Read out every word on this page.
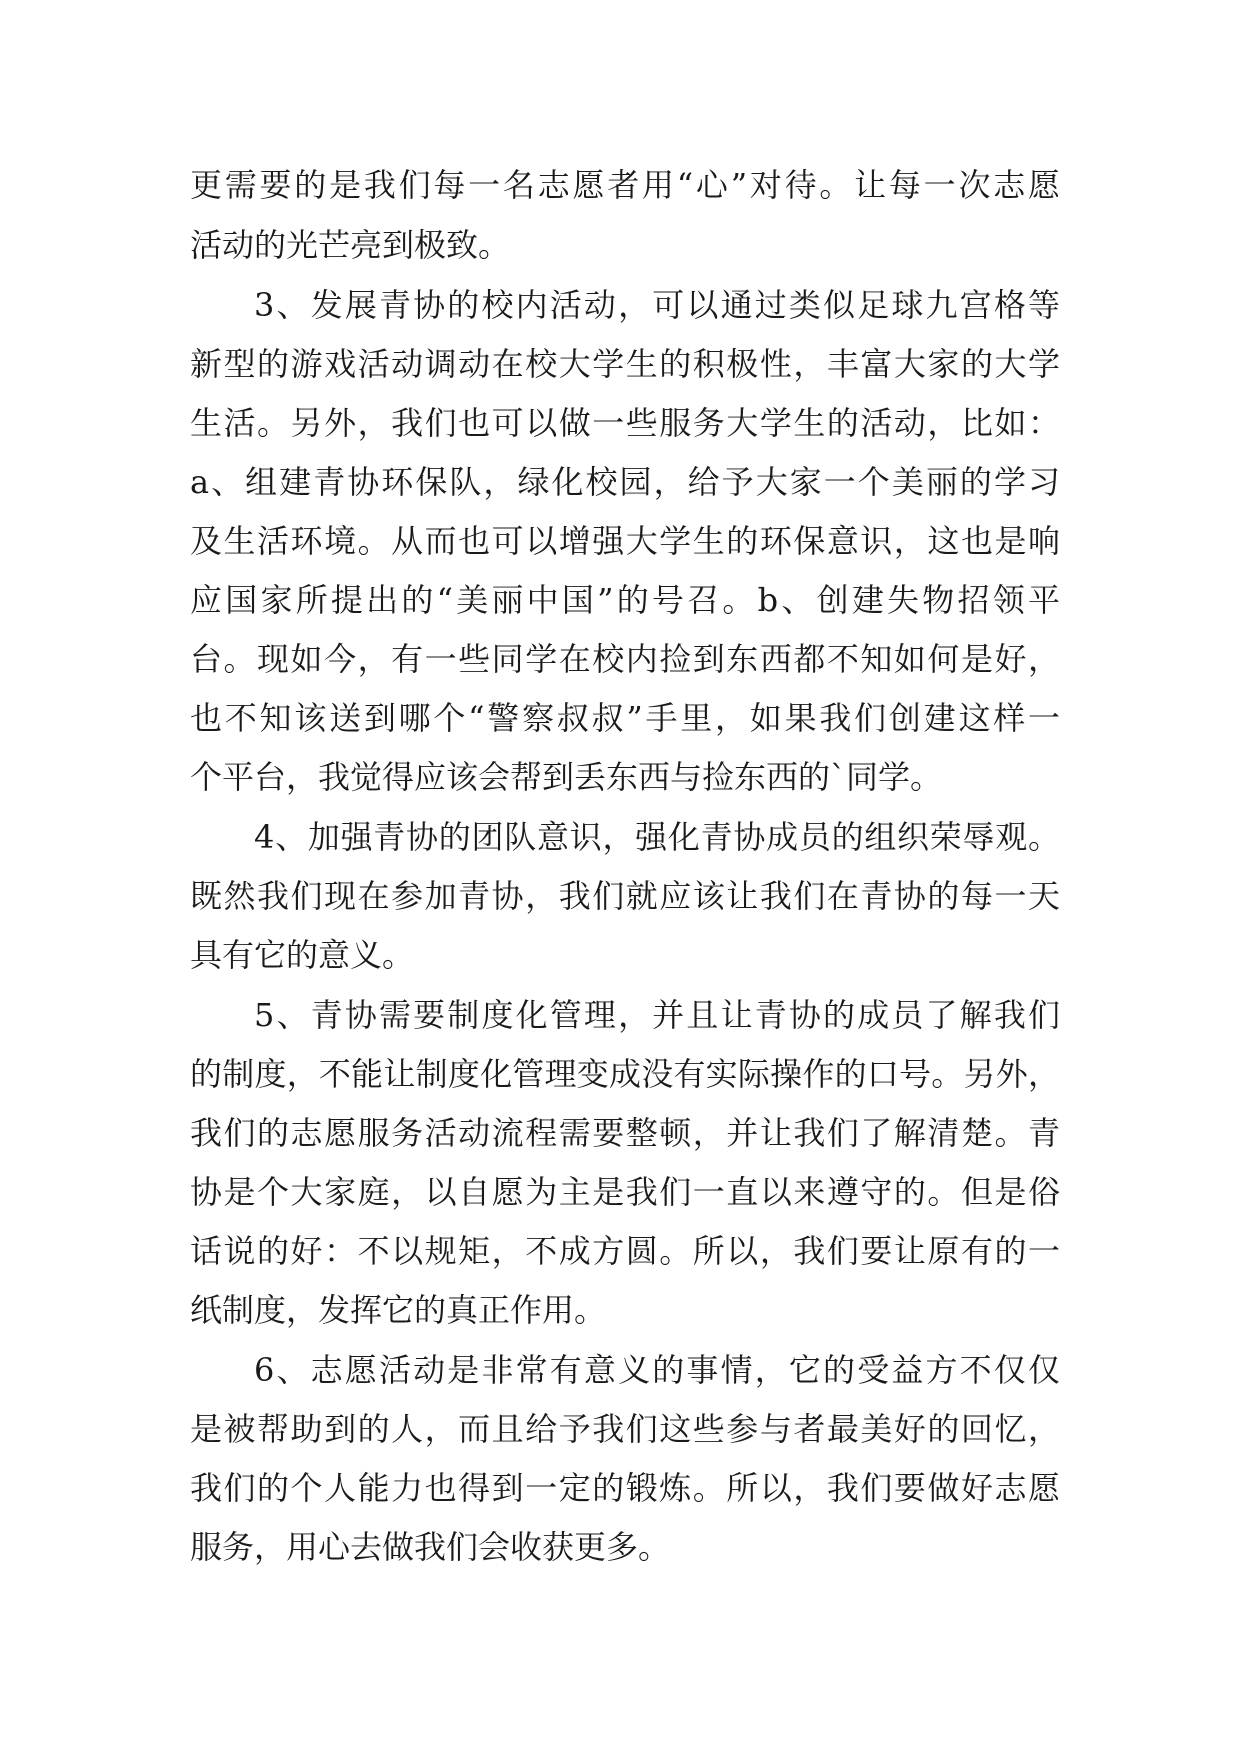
更需要的是我们每一名志愿者用“心”对待。让每一次志愿
活动的光芒亮到极致。
3、发展青协的校内活动，可以通过类似足球九宫格等
新型的游戏活动调动在校大学生的积极性，丰富大家的大学
生活。另外，我们也可以做一些服务大学生的活动，比如：
a、组建青协环保队，绿化校园，给予大家一个美丽的学习
及生活环境。从而也可以增强大学生的环保意识，这也是响
应国家所提出的“美丽中国”的号召。b、创建失物招领平
台。现如今，有一些同学在校内捡到东西都不知如何是好，
也不知该送到哪个“警察叔叔”手里，如果我们创建这样一
个平台，我觉得应该会帮到丢东西与捡东西的`同学。
4、加强青协的团队意识，强化青协成员的组织荣辱观。
既然我们现在参加青协，我们就应该让我们在青协的每一天
具有它的意义。
5、青协需要制度化管理，并且让青协的成员了解我们
的制度，不能让制度化管理变成没有实际操作的口号。另外，
我们的志愿服务活动流程需要整顿，并让我们了解清楚。青
协是个大家庭，以自愿为主是我们一直以来遵守的。但是俗
话说的好：不以规矩，不成方圆。所以，我们要让原有的一
纸制度，发挥它的真正作用。
6、志愿活动是非常有意义的事情，它的受益方不仅仅
是被帮助到的人，而且给予我们这些参与者最美好的回忆，
我们的个人能力也得到一定的锻炼。所以，我们要做好志愿
服务，用心去做我们会收获更多。
